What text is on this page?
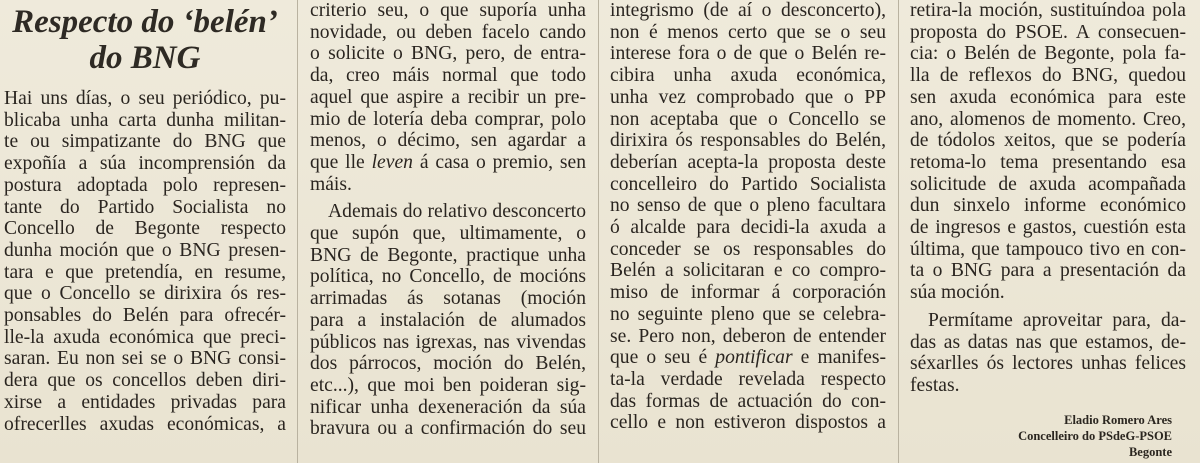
Respecto do ‘belén’
do BNG

Hai uns días, o seu periódico, pu-
blicaba unha carta dunha militan-
te ou simpatizante do BNG que
expoñía a súa incomprensión da
postura adoptada polo represen-
tante do Partido Socialista no
Concello de Begonte respecto
dunha moción que o BNG presen-
tara e que pretendía, en resume,
que o Concello se dirixira ós res-
ponsables do Belén para ofrecér-
lle-la axuda económica que preci-
saran. Eu non sei se o BNG consi-
dera que os concellos deben diri-
xirse a entidades privadas para
ofrecerlles axudas económicas, a

criterio seu, o que suporía unha
novidade, ou deben facelo cando
o solicite o BNG, pero, de entra-
da, creo máis normal que todo
aquel que aspire a recibir un pre-
mio de lotería deba comprar, polo
menos, o décimo, sen agardar a
que lle leven á casa o premio, sen
máis.

Ademais do relativo desconcerto
que supón que, ultimamente, o
BNG de Begonte, practique unha
política, no Concello, de mocións
arrimadas ás sotanas (moción
para a instalación de alumados
públicos nas igrexas, nas vivendas
dos párrocos, moción do Belén,
etc...), que moi ben poideran sig-
nificar unha dexeneración da súa
bravura ou a confirmación do seu

integrismo (de aí o desconcerto),
non é menos certo que se o seu
interese fora o de que o Belén re-
cibira unha axuda económica,
unha vez comprobado que o PP
non aceptaba que o Concello se
dirixira ós responsables do Belén,
deberían acepta-la proposta deste
concelleiro do Partido Socialista
no senso de que o pleno facultara
ó alcalde para decidi-la axuda a
conceder se os responsables do
Belén a solicitaran e co compro-
miso de informar á corporación
no seguinte pleno que se celebra-
se. Pero non, deberon de entender
que o seu é pontificar e manifes-
ta-la verdade revelada respecto
das formas de actuación do con-
cello e non estiveron dispostos a

retira-la moción, sustituíndoa pola
proposta do PSOE. A consecuen-
cia: o Belén de Begonte, pola fa-
lla de reflexos do BNG, quedou
sen axuda económica para este
ano, alomenos de momento. Creo,
de tódolos xeitos, que se podería
retoma-lo tema presentando esa
solicitude de axuda acompañada
dun sinxelo informe económico
de ingresos e gastos, cuestión esta
última, que tampouco tivo en con-
ta o BNG para a presentación da
súa moción.

Permítame aproveitar para, da-
das as datas nas que estamos, de-
séxarlles ós lectores unhas felices
festas.

Eladio Romero Ares
Concelleiro do PSdeG-PSOE
Begonte
